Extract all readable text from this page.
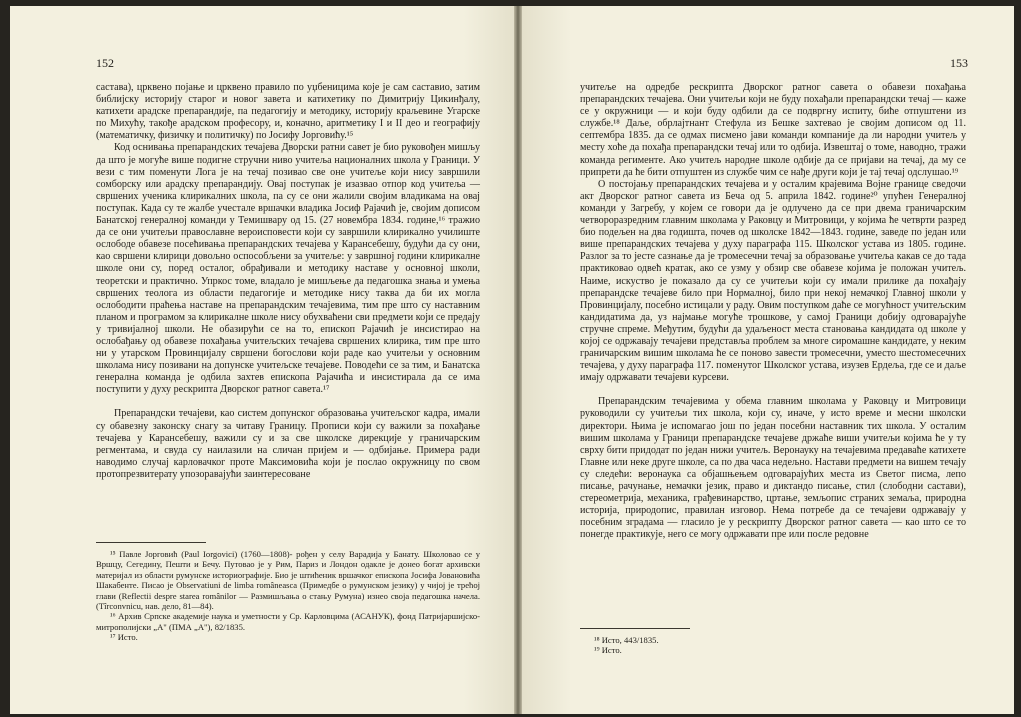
152

састава), црквено појање и црквено правило по уџбеницима које је сам саставио, затим библијску историју старог и новог завета и катихетику по Димитрију Цикинђалу, катихети арадске препарандије, па педагогију и методику, историју краљевине Угарске по Михућу, такође арадском професору, и, коначно, аритметику I и II део и географију (математичку, физичку и политичку) по Јосифу Јорговићу.¹⁵

Код оснивања препарандских течајева Дворски ратни савет је био руковођен мишљу да што је могуће више подигне стручни ниво учитеља националних школа у Граници. У вези с тим поменути Лога је на течај позивао све оне учитеље који нису завршили сомборску или арадску препарандију. Овај поступак је изазвао отпор код учитеља — свршених ученика клирикалних школа, па су се они жалили својим владикама на овај поступак. Када су те жалбе учестале вршачки владика Јосиф Рајачић је, својим дописом Банатској генералној команди у Темишвару од 15. (27 новембра 1834. године,¹⁶ тражио да се они учитељи православне вероисповести који су завршили клирикално училиште ослободе обавезе посећивања препарандских течајева у Карансебешу, будући да су они, као свршени клирици довољно оспособљени за учитеље: у завршној години клирикалне школе они су, поред осталог, обрађивали и методику наставе у основној школи, теоретски и практично. Упркос томе, владало је мишљење да педагошка знања и умења свршених теолога из области педагогије и методике нису таква да би их могла ослободити праћења наставе на препарандским течајевима, тим пре што су наставним планом и програмом за клирикалне школе нису обухваћени сви предмети који се предају у тривијалној школи. Не обазирући се на то, епископ Рајачић је инсистирао на ослобађању од обавезе похађања учитељских течајева свршених клирика, тим пре што ни у утарском Провинцијалу свршени богослови који раде као учитељи у основним школама нису позивани на допунске учитељске течајеве. Поводећи се за тим, и Банатска генерална команда је одбила захтев епископа Рајачића и инсистирала да се има поступити у духу рескрипта Дворског ратног савета.¹⁷

Препарандски течајеви, као систем допунског образовања учитељског кадра, имали су обавезну законску снагу за читаву Границу. Прописи који су важили за похађање течајева у Карансебешу, важили су и за све школске дирекције у граничарским регментама, и свуда су наилазили на сличан пријем и — одбијање. Примера ради наводимо случај карловачког проте Максимовића који је послао окружницу по свом протопрезвитерату упозоравајући заинтересоване

¹⁵ Павле Јорговић (Paul Iorgovici) (1760—1808)- рођен у селу Варадија у Банату. Школовао се у Вршцу, Сегедину, Пешти и Бечу. Путовао је у Рим, Париз и Лондон одакле је донео богат архивски материјал из области румунске историографије. Био је штићеник вршачког епископа Јосифа Јовановића Шакабенте. Писао је Observatiuni de limba româneasca (Примедбе о румунском језику) у чијој је трећој глави (Reflectii despre starea românilor — Размишљања о стању Румуна) изнео своја педагошка начела. (Tîrconvnicu, нав. дело, 81—84).

¹⁶ Архив Српске академије наука и уметности у Ср. Карловцима (АСАНУК), фонд Патријаршијско-митрополијски „А" (ПМА „А"), 82/1835.

¹⁷ Исто.

153

учитеље на одредбе рескрипта Дворског ратног савета о обавези похађања препарандских течајева. Они учитељи који не буду похађали препарандски течај — каже се у окружници — и који буду одбили да се подвргну испиту, биће отпуштени из службе.¹⁸ Даље, обрлајтнант Стефула из Бешке захтевао је својим дописом од 11. септембра 1835. да се одмах писмено јави команди компаније да ли народни учитељ у месту хоће да похађа препарандски течај или то одбија. Извештај о томе, наводно, тражи команда регименте. Ако учитељ народне школе одбије да се пријави на течај, да му се припрети да ће бити отпуштен из службе чим се нађе други који је тај течај одслушао.¹⁹

О постојању препарандских течајева и у осталим крајевима Војне границе сведочи акт Дворског ратног савета из Беча од 5. априла 1842. године²⁰ упућен Генералној команди у Загребу, у којем се говори да је одлучено да се при двема граничарским четвороразредним главним школама у Раковцу и Митровици, у којима ће четврти разред био подељен на два годишта, почев од школске 1842—1843. године, заведе по један или више препарандских течајева у духу параграфа 115. Школског устава из 1805. године. Разлог за то јесте сазнање да је тромесечни течај за образовање учитеља какав се до тада практиковао одвећ кратак, ако се узму у обзир све обавезе којима је положан учитељ. Наиме, искуство је показало да су се учитељи који су имали прилике да похађају препарандске течајеве било при Нормалној, било при некој немачкој Главној школи у Провинцијалу, посебно истицали у раду. Овим поступком даће се могућност учитељским кандидатима да, уз најмање могуће трошкове, у самој Граници добију одговарајуће стручне спреме. Међутим, будући да удаљеност места становања кандидата од школе у којој се одржавају течајеви представља проблем за многе сиромашне кандидате, у неким граничарским вишим школама ће се поново завести тромесечни, уместо шестомесечних течајева, у духу параграфа 117. поменутог Школског устава, изузев Ердеља, где се и даље имају одржавати течајеви курсеви.

Препарандским течајевима у обема главним школама у Раковцу и Митровици руководили су учитељи тих школа, који су, иначе, у исто време и месни школски директори. Њима је испомагао још по један посебни наставник тих школа. У осталим вишим школама у Граници препарандске течајеве држаће виши учитељи којима ће у ту сврху бити придодат по један нижи учитељ. Веронауку на течајевима предаваће катихете Главне или неке друге школе, са по два часа недељно. Настави предмети на вишем течају су следећи: веронаука са објашњењем одговарајућих места из Светог писма, лепо писање, рачунање, немачки језик, право и диктандо писање, стил (слободни састави), стереометрија, механика, грађевинарство, цртање, земљопис страних земаља, природна историја, природопис, правилан изговор. Нема потребе да се течајеви одржавају у посебним зградама — гласило је у рескрипту Дворског ратног савета — као што се то понегде практикује, него се могу одржавати пре или после редовне

¹⁸ Исто, 443/1835.

¹⁹ Исто.
